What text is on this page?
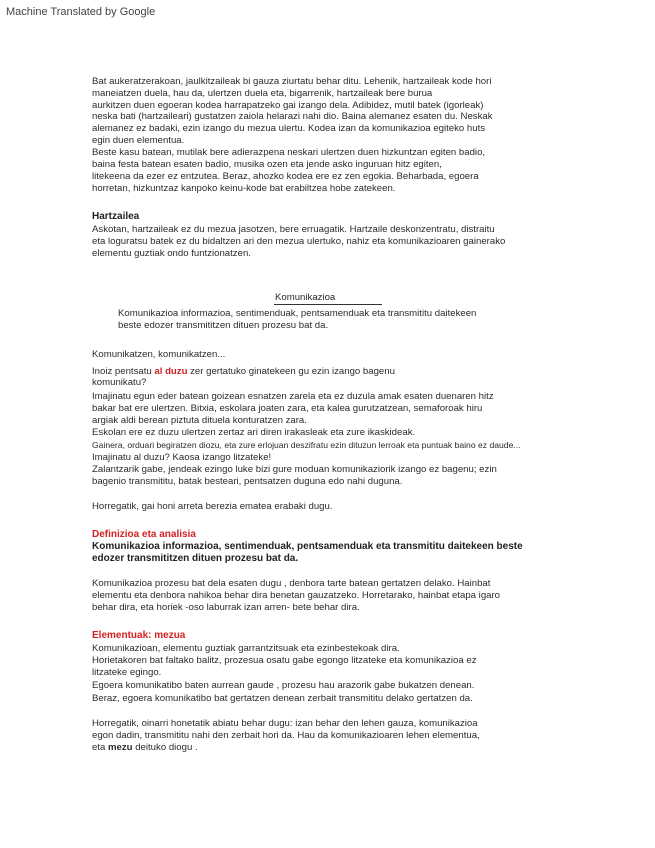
Machine Translated by Google
Bat aukeratzerakoan, jaulkitzaileak bi gauza ziurtatu behar ditu. Lehenik, hartzaileak kode hori
maneiatzen duela, hau da, ulertzen duela eta, bigarrenik, hartzaileak bere burua
aurkitzen duen egoeran kodea harrapatzeko gai izango dela. Adibidez, mutil batek (igorleak)
neska bati (hartzaileari) gustatzen zaiola helarazi nahi dio. Baina alemanez esaten du. Neskak
alemanez ez badaki, ezin izango du mezua ulertu. Kodea izan da komunikazioa egiteko huts
egin duen elementua.
Beste kasu batean, mutilak bere adierazpena neskari ulertzen duen hizkuntzan egiten badio,
baina festa batean esaten badio, musika ozen eta jende asko inguruan hitz egiten,
litekeena da ezer ez entzutea. Beraz, ahozko kodea ere ez zen egokia. Beharbada, egoera
horretan, hizkuntzaz kanpoko keinu-kode bat erabiltzea hobe zatekeen.
Hartzailea
Askotan, hartzaileak ez du mezua jasotzen, bere erruagatik. Hartzaile deskonzentratu, distraitu
eta loguratsu batek ez du bidaltzen ari den mezua ulertuko, nahiz eta komunikazioaren gainerako
elementu guztiak ondo funtzionatzen.
Komunikazioa
Komunikazioa informazioa, sentimenduak, pentsamenduak eta transmititu daitekeen
beste edozer transmititzen dituen prozesu bat da.
Komunikatzen, komunikatzen...
Inoiz pentsatu al duzu zer gertatuko ginatekeen gu ezin izango bagenu
komunikatu?
Imajinatu egun eder batean goizean esnatzen zarela eta ez duzula amak esaten duenaren hitz
bakar bat ere ulertzen. Bitxia, eskolara joaten zara, eta kalea gurutzatzean, semaforoak hiru
argiak aldi berean piztuta dituela konturatzen zara.
Eskolan ere ez duzu ulertzen zertaz ari diren irakasleak eta zure ikaskideak.
Gainera, orduari begiratzen diozu, eta zure erlojuan deszifratu ezin dituzun lerroak eta puntuak baino ez daude...
Imajinatu al duzu? Kaosa izango litzateke!
Zalantzarik gabe, jendeak ezingo luke bizi gure moduan komunikaziorik izango ez bagenu; ezin
bagenio transmititu, batak besteari, pentsatzen duguna edo nahi duguna.
Horregatik, gai honi arreta berezia ematea erabaki dugu.
Definizioa eta analisia
Komunikazioa informazioa, sentimenduak, pentsamenduak eta transmititu daitekeen beste
edozer transmititzen dituen prozesu bat da.
Komunikazioa prozesu bat dela esaten dugu , denbora tarte batean gertatzen delako. Hainbat
elementu eta denbora nahikoa behar dira benetan gauzatzeko. Horretarako, hainbat etapa igaro
behar dira, eta horiek -oso laburrak izan arren- bete behar dira.
Elementuak: mezua
Komunikazioan, elementu guztiak garrantzitsuak eta ezinbestekoak dira.
Horietakoren bat faltako balitz, prozesua osatu gabe egongo litzateke eta komunikazioa ez
litzateke egingo.
Egoera komunikatibo baten aurrean gaude , prozesu hau arazorik gabe bukatzen denean.
Beraz, egoera komunikatibo bat gertatzen denean zerbait transmititu delako gertatzen da.
Horregatik, oinarri honetatik abiatu behar dugu: izan behar den lehen gauza, komunikazioa
egon dadin, transmititu nahi den zerbait hori da. Hau da komunikazioaren lehen elementua,
eta mezu deituko diogu .
